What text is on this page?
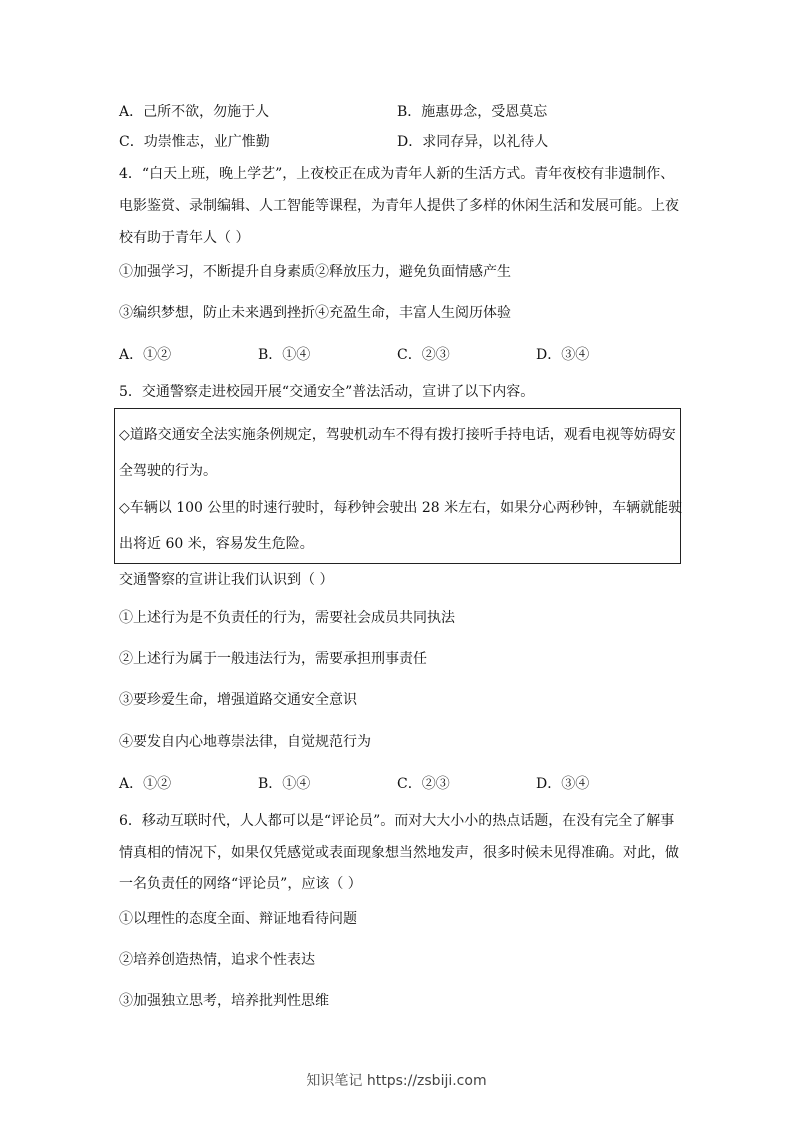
A．己所不欲，勿施于人	B．施惠毋念，受恩莫忘
C．功崇惟志，业广惟勤	D．求同存异，以礼待人
4．“白天上班，晚上学艺”，上夜校正在成为青年人新的生活方式。青年夜校有非遗制作、
电影鉴赏、录制编辑、人工智能等课程，为青年人提供了多样的休闲生活和发展可能。上夜
校有助于青年人（ ）
①加强学习，不断提升自身素质②释放压力，避免负面情感产生
③编织梦想，防止未来遇到挫折④充盈生命，丰富人生阅历体验
A．①②	B．①④	C．②③	D．③④
5．交通警察走进校园开展“交通安全”普法活动，宣讲了以下内容。
◇道路交通安全法实施条例规定，驾驶机动车不得有拨打接听手持电话，观看电视等妨碍安
全驾驶的行为。
◇车辆以 100 公里的时速行驶时，每秒钟会驶出 28 米左右，如果分心两秒钟，车辆就能驶
出将近 60 米，容易发生危险。
交通警察的宣讲让我们认识到（ ）
①上述行为是不负责任的行为，需要社会成员共同执法
②上述行为属于一般违法行为，需要承担刑事责任
③要珍爱生命，增强道路交通安全意识
④要发自内心地尊崇法律，自觉规范行为
A．①②	B．①④	C．②③	D．③④
6．移动互联时代，人人都可以是“评论员”。而对大大小小的热点话题，在没有完全了解事
情真相的情况下，如果仅凭感觉或表面现象想当然地发声，很多时候未见得准确。对此，做
一名负责任的网络“评论员”，应该（ ）
①以理性的态度全面、辩证地看待问题
②培养创造热情，追求个性表达
③加强独立思考，培养批判性思维
知识笔记 https://zsbiji.com
